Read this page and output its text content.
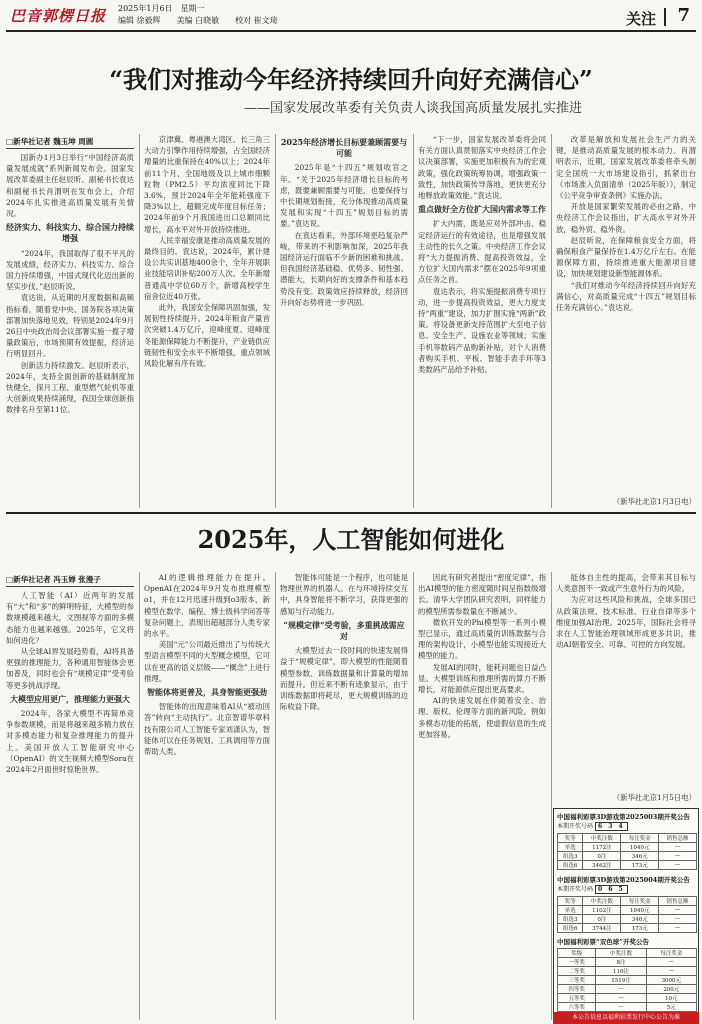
巴音郭楞日报 2025年1月6日　星期一
编辑 徐毅辉　　美编 白晓敏　　校对 崔文琦	关注 7
“我们对推动今年经济持续回升向好充满信心”
——国家发展改革委有关负责人谈我国高质量发展扎实推进
□新华社记者 魏玉坤 周圆

国新办1月3日举行“中国经济高质量发展成就”系列新闻发布会。国家发展改革委副主任赵辰昕、副秘书长袁达和副秘书长肖渭明在发布会上，介绍2024年扎实推进高质量发展有关情况。

经济实力、科技实力、综合国力持续增强

“2024年，我国取得了很不平凡的发展成绩，经济实力、科技实力、综合国力持续增强，中国式现代化迈出新的坚实步伐。”赵辰昕说。

袁达说，从近期的月度数据和高频指标看，随着党中央、国务院各项决策部署加快落地见效，特别是2024年9月26日中央政治局会议部署实施一揽子增量政策后，市场预期有效提振，经济运行明显回升。

创新活力持续激发。赵辰昕表示，2024年，支持全面创新的基础制度加快健全，探月工程、重型燃气轮机等重大创新成果持续涌现，我国全球创新指数排名升至第11位。

京津冀、粤港澳大湾区、长三角三大动力引擎作用持续增强，占全国经济增量的比重保持在40%以上；2024年前11个月，全国地级及以上城市细颗粒物（PM2.5）平均浓度同比下降3.6%，预计2024年全年能耗强度下降3%以上，超额完成年度目标任务；2024年前9个月我国进出口总额同比增长，高水平对外开放持续推进。

人民幸福安康是推动高质量发展的最终目的。袁达说，2024年，累计建设公共实训基地400余个，全年开展职业技能培训补贴200万人次。全年新增普通高中学位60万个，新增高校学生宿舍位近40万张。

此外，我国安全保障巩固加强，发展韧性持续提升。2024年粮食产量首次突破1.4万亿斤，迎峰度夏、迎峰度冬能源保障能力不断提升，产业链供应链韧性和安全水平不断增强，重点领域风险化解有序有效。

2025年经济增长目标要兼顾需要与可能

2025年是“十四五”规划收官之年。“关于2025年经济增长目标的考虑，既要兼顾需要与可能，也要保持与中长期规划衔接，充分体现推动高质量发展和实现“十四五”规划目标的需要。”袁达说。

在袁达看来，外部环境更趋复杂严峻，带来的不利影响加深，2025年我国经济运行面临不少新的困难和挑战。但我国经济基础稳、优势多、韧性强、潜能大，长期向好的支撑条件和基本趋势没有变。政策效应持续释放，经济回升向好态势将进一步巩固。

“下一步，国家发展改革委将会同有关方面认真贯彻落实中央经济工作会议决策部署，实施更加积极有为的宏观政策，强化政策统筹协调，增强政策一致性，加快政策传导落地，更快更充分地释放政策效能。”袁达说。

重点做好全方位扩大国内需求等工作

扩大内需，既是应对外部冲击、稳定经济运行的有效途径，也是增强发展主动性的长久之策。中央经济工作会议将“大力提振消费、提高投资效益，全方位扩大国内需求”摆在2025年9项重点任务之首。

袁达表示，将实施提振消费专项行动，进一步提高投资效益，更大力度支持“两重”建设，加力扩围实施“两新”政策。将设备更新支持范围扩大至电子信息、安全生产、设施农业等领域；实施手机等数码产品购新补贴，对个人消费者购买手机、平板、智能手表手环等3类数码产品给予补贴。

改革是解放和发展社会生产力的关键，是推动高质量发展的根本动力。肖渭明表示，近期，国家发展改革委将牵头制定全国统一大市场建设指引，抓紧出台《市场准入负面清单（2025年版）》，制定《公平竞争审查条例》实施办法。

开放是国家繁荣发展的必由之路。中央经济工作会议指出，扩大高水平对外开放，稳外贸、稳外资。

赵辰昕说，在保障粮食安全方面，将确保粮食产量保持在1.4万亿斤左右。在能源保障方面，持续推进重大能源项目建设，加快规划建设新型能源体系。

“我们对推动今年经济持续回升向好充满信心，对高质量完成“十四五”规划目标任务充满信心。”袁达说。

（新华社北京1月3日电）
2025年，人工智能如何进化
□新华社记者 冯玉婵 张漫子

人工智能（AI）近两年的发展有“大”和“多”的鲜明特征，大模型的参数规模越来越大，文图视等方面的多模态能力也越来越强。2025年，它又将如何进化？

从全球AI界发展趋势看，AI将具备更强的推理能力，各种通用智能体会更加普及，同时也会有“规模定律”受考验等更多挑战浮现。

大模型应用更广，推理能力更强大

2024年，各家大模型不再简单竞争参数规模，而是将越来越多精力放在对多模态能力和复杂推理能力的提升上。美国开放人工智能研究中心（OpenAI）的文生视频大模型Sora在2024年2月面世时惊艳世界。

AI的逻辑推理能力在提升。OpenAI在2024年9月发布推理模型o1，并在12月迅速升级到o3版本，新模型在数学、编程、博士级科学问答等复杂问题上，表现出超越部分人类专家的水平。

美国“元”公司最近推出了与传统大型语言模型不同的大型概念模型，它可以在更高的语义层级——“概念”上进行推理。

智能体将更普及，具身智能更强劲

智能体的出现意味着AI从“被动回答”转向“主动执行”。北京智谱华章科技有限公司人工智能专家刘潇认为，智能体可以在任务规划、工具调用等方面帮助人类。

智能体可能是一个程序，也可能是物理世界的机器人。在与环境持续交互中，具身智能将不断学习，获得更强的感知与行动能力。

“规模定律”受考验，多重挑战需应对

大模型过去一段时间的快速发展得益于“规模定律”，即大模型的性能随着模型参数、训练数据量和计算量的增加而提升。但近来不断有迹象显示，由于训练数据即将耗尽，更大规模训练的边际收益下降。

因此有研究者提出“密度定律”，指出AI模型的能力密度随时间呈指数级增长。清华大学团队研究表明，同样能力的模型所需参数量在不断减少。

微软开发的Phi模型等一系列小模型已显示，通过高质量的训练数据与合理的架构设计，小模型也能实现接近大模型的能力。

发展AI的同时，能耗问题也日益凸显。大模型训练和推理所需的算力不断增长，对能源供应提出更高要求。

AI的快速发展在伴随着安全、治理、版权、伦理等方面的新风险。例如多模态功能的拓展，使虚假信息的生成更加容易。

能体自主性的提高，会带来其目标与人类意图不一致或产生意外行为的风险。

为应对这些风险和挑战，全球多国已从政策法规、技术标准、行业自律等多个维度加强AI治理。2025年，国际社会将寻求在人工智能治理领域形成更多共识，推动AI朝着安全、可靠、可控的方向发展。

（新华社北京1月5日电）
中国福利彩票3D游戏第2025003期开奖公告
本期开奖号码 6 3 4
奖等	中奖注数	每注奖金	销售总额
单选	1172注	1040元	—
组选3	0注	346元	—
组选6	3462注	173元	—
中国福利彩票3D游戏第2025004期开奖公告
本期开奖号码 0 6 5
奖等	中奖注数	每注奖金	销售总额
单选	1102注	1040元	—
组选3	0注	346元	—
组选6	3744注	173元	—
中国福利彩票“双色球”开奖公告
奖级	中奖注数	每注奖金
一等奖	8注	—
二等奖	116注	—
三等奖	1519注	3000元
四等奖	—	200元
五等奖	—	10元
六等奖	—	5元
本公告信息以福利彩票发行中心公告为准
